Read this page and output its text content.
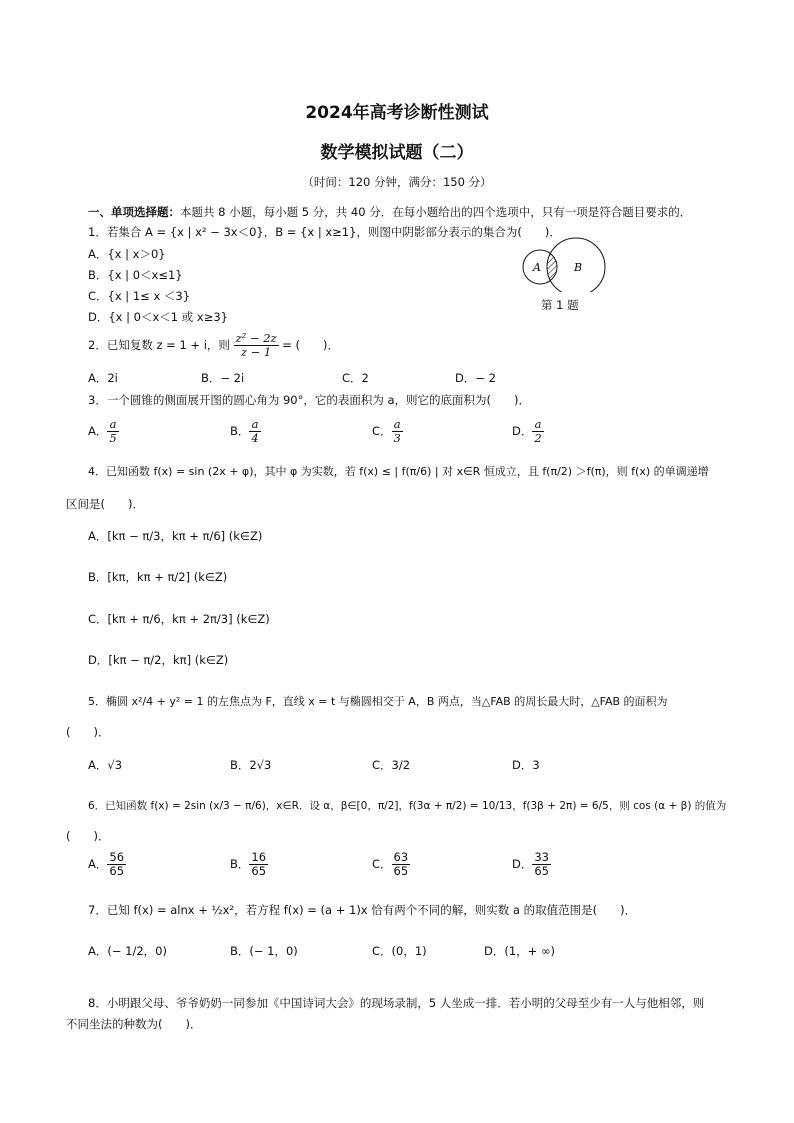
2024年高考诊断性测试
数学模拟试题（二）
（时间：120 分钟，满分：150 分）
一、单项选择题：本题共 8 小题，每小题 5 分，共 40 分．在每小题给出的四个选项中，只有一项是符合题目要求的．
1．若集合 A = {x | x² − 3x＜0}，B = {x | x≥1}，则图中阴影部分表示的集合为(　　)．
A．{x | x＞0}
B．{x | 0＜x≤1}
C．{x | 1≤ x ＜3}
D．{x | 0＜x＜1 或 x≥3}
A	B
第 1 题
2．已知复数 z = 1 + i，则 $\frac{\text{z² − 2z}}{z - 1}$ = (　　)．
A．2i	B．− 2i	C．2	D．− 2
3．一个圆锥的侧面展开图的圆心角为 90°，它的表面积为 a，则它的底面积为(　　)．
A． $\frac{a}{5}$	B． $\frac{a}{4}$	C． $\frac{a}{3}$	D． $\frac{a}{2}$
4．已知函数 f(x) = sin (2x + φ)，其中 φ 为实数，若 f(x) ≤ | f(π/6) | 对 x∈R 恒成立，且 f(π/2) ＞f(π)，则 f(x) 的单调递增
区间是(　　)．
A．[kπ − π/3，kπ + π/6] (k∈Z)
B．[kπ，kπ + π/2] (k∈Z)
C．[kπ + π/6，kπ + 2π/3] (k∈Z)
D．[kπ − π/2，kπ] (k∈Z)
5．椭圆 x²/4 + y² = 1 的左焦点为 F，直线 x = t 与椭圆相交于 A，B 两点，当△FAB 的周长最大时，△FAB 的面积为
(　　)．
A．√3	B．2√3	C．3/2	D．3
6．已知函数 f(x) = 2sin (x/3 − π/6)，x∈R．设 α，β∈[0，π/2]，f(3α + π/2) = 10/13，f(3β + 2π) = 6/5，则 cos (α + β) 的值为
(　　)．
A． $\frac{56}{65}$	B． $\frac{16}{65}$	C． $\frac{63}{65}$	D． $\frac{33}{65}$
7．已知 f(x) = alnx + ½x²，若方程 f(x) = (a + 1)x 恰有两个不同的解，则实数 a 的取值范围是(　　)．
A．(− 1/2，0)	B．(− 1，0)	C．(0，1)	D．(1，+ ∞)
8．小明跟父母、爷爷奶奶一同参加《中国诗词大会》的现场录制，5 人坐成一排．若小明的父母至少有一人与他相邻，则
不同坐法的种数为(　　)．
